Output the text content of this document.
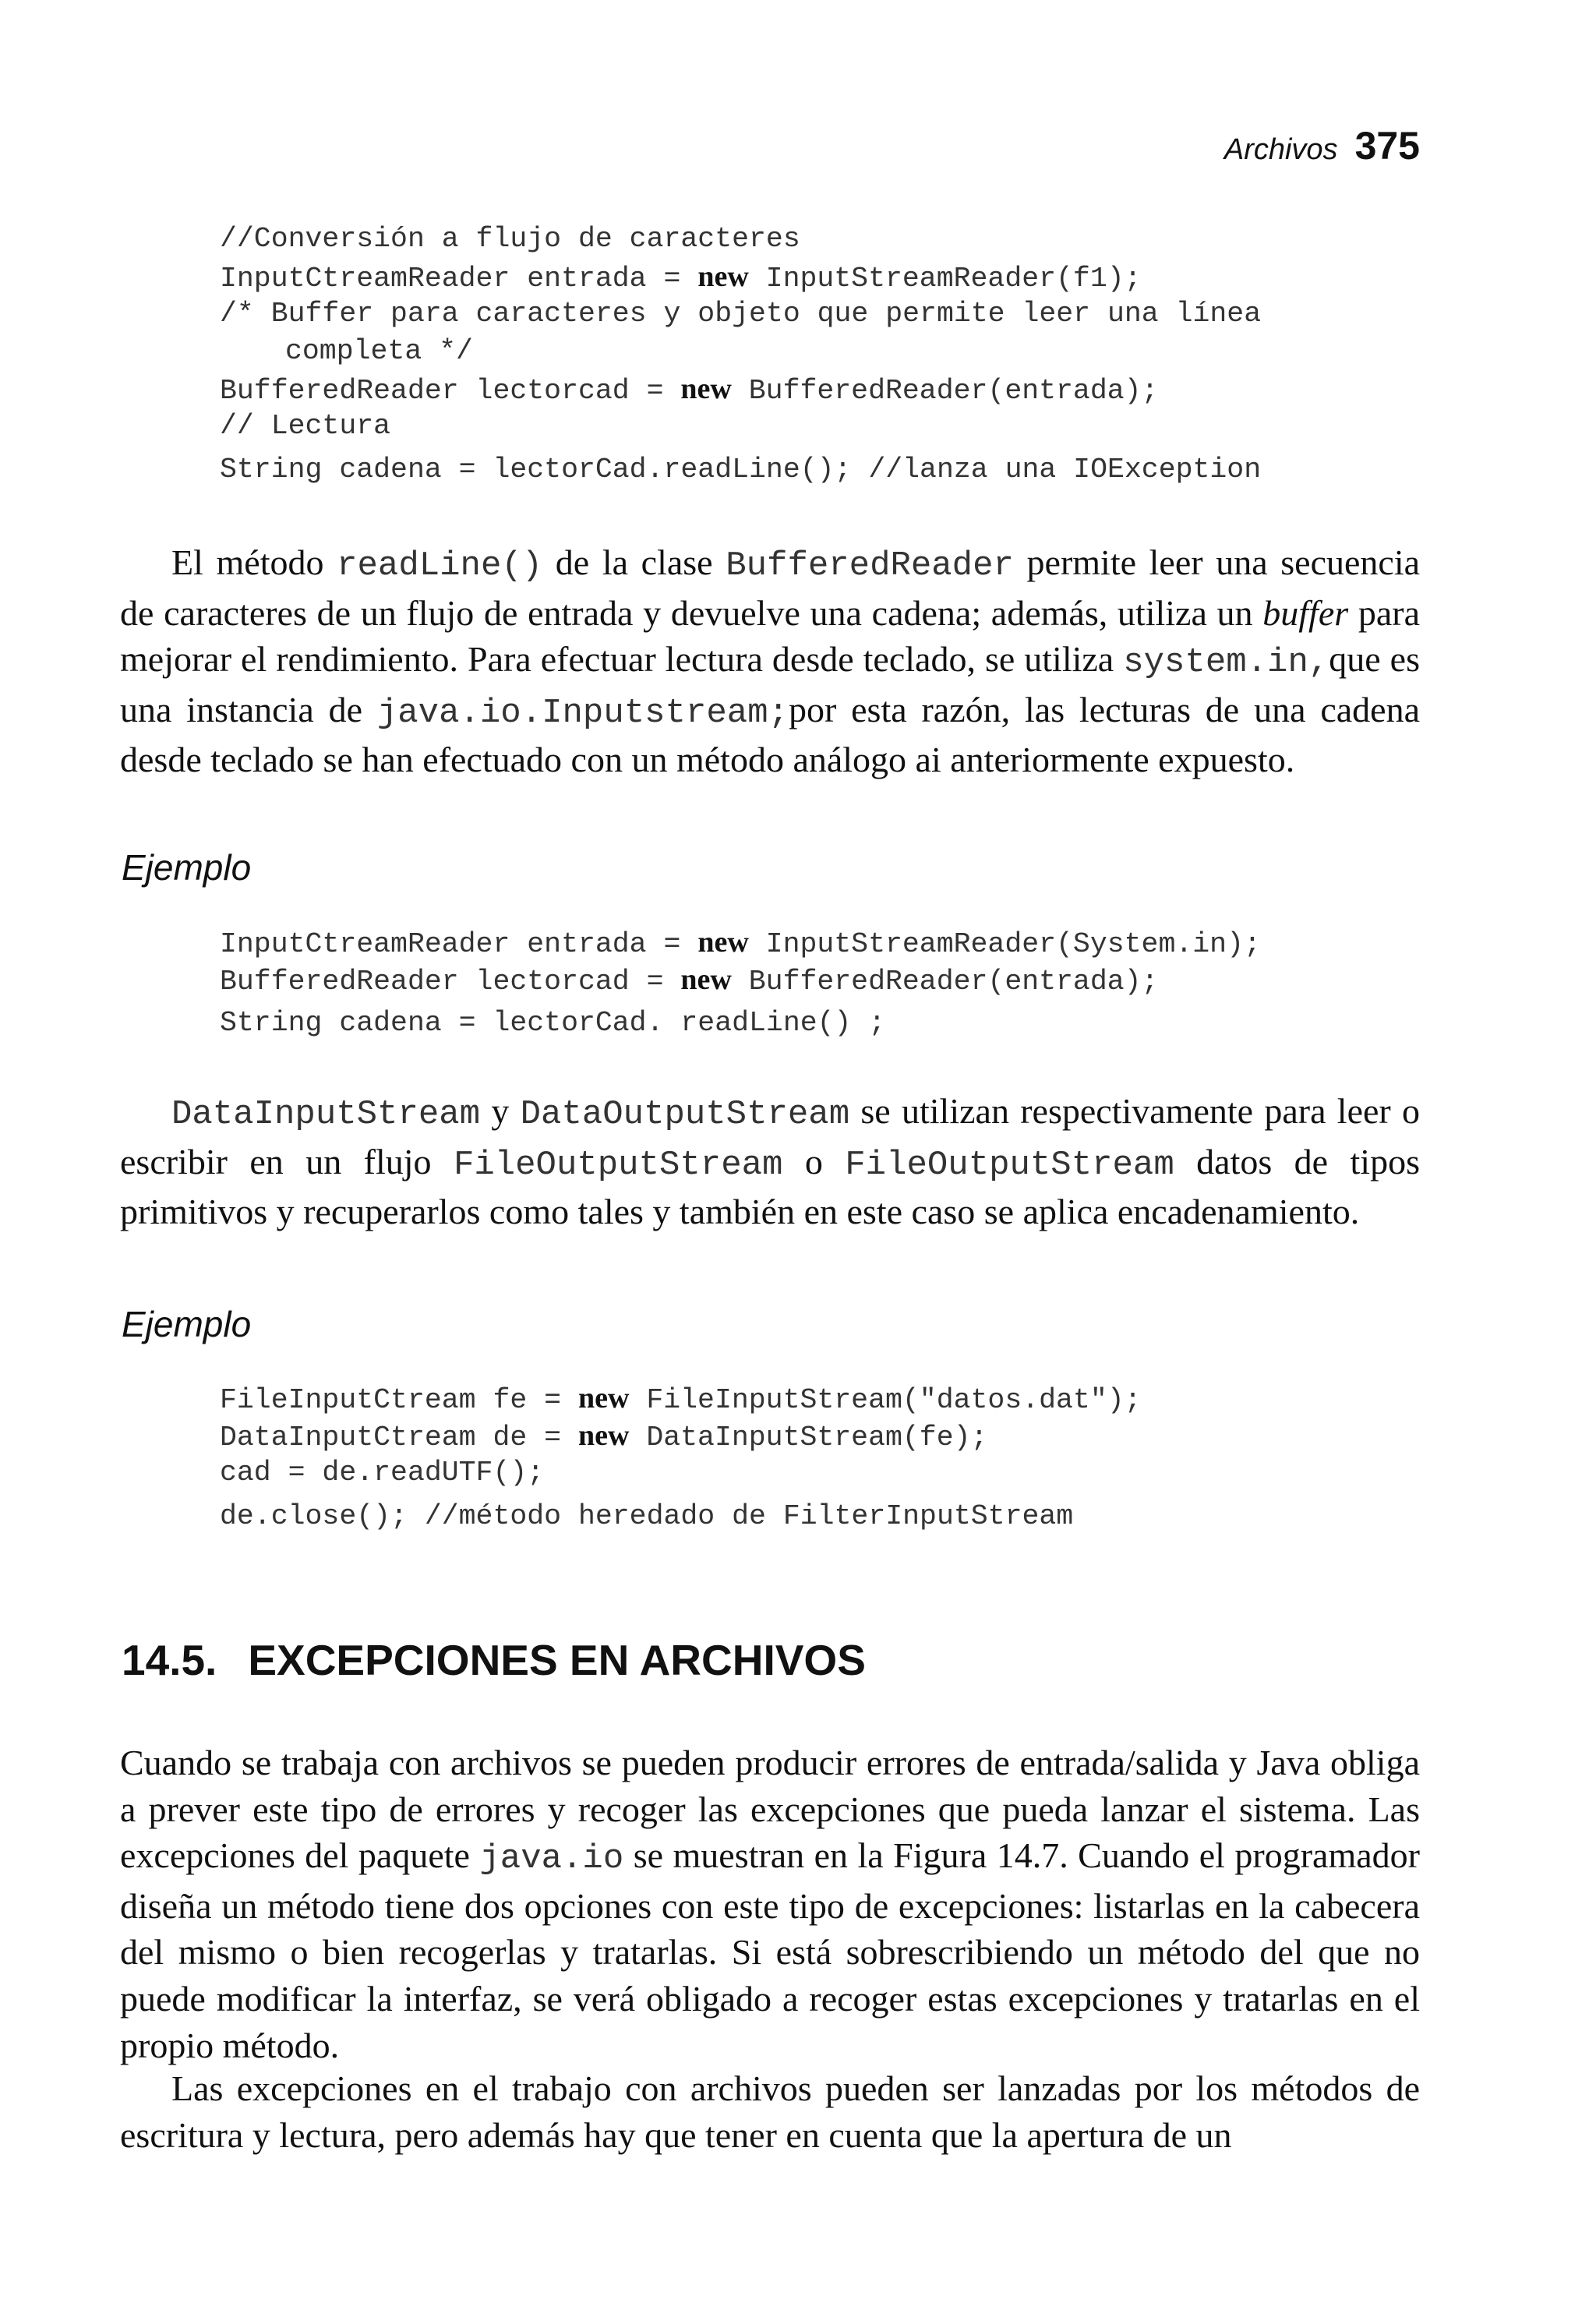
Archivos 375
//Conversión a flujo de caracteres
InputCtreamReader entrada = new InputStreamReader(f1);
/* Buffer para caracteres y objeto que permite leer una línea
completa */
BufferedReader lectorcad = new BufferedReader(entrada);
// Lectura
String cadena = lectorCad.readLine(); //lanza una IOException

El método readLine() de la clase BufferedReader permite leer una secuencia de caracteres de un flujo de entrada y devuelve una cadena; además, utiliza un buffer para mejorar el rendimiento. Para efectuar lectura desde teclado, se utiliza system.in,que es una instancia de java.io.Inputstream;por esta razón, las lecturas de una cadena desde teclado se han efectuado con un método análogo ai anteriormente expuesto.

Ejemplo
InputCtreamReader entrada = new InputStreamReader(System.in);
BufferedReader lectorcad = new BufferedReader(entrada);
String cadena = lectorCad. readLine() ;

DataInputStream y DataOutputStream se utilizan respectivamente para leer o escribir en un flujo FileOutputStream o FileOutputStream datos de tipos primitivos y recuperarlos como tales y también en este caso se aplica encadenamiento.

Ejemplo
FileInputCtream fe = new FileInputStream("datos.dat");
DataInputCtream de = new DataInputStream(fe);
cad = de.readUTF();
de.close(); //método heredado de FilterInputStream
14.5. EXCEPCIONES EN ARCHIVOS

Cuando se trabaja con archivos se pueden producir errores de entrada/salida y Java obliga a prever este tipo de errores y recoger las excepciones que pueda lanzar el sistema. Las excepciones del paquete java.io se muestran en la Figura 14.7. Cuando el programador diseña un método tiene dos opciones con este tipo de excepciones: listarlas en la cabecera del mismo o bien recogerlas y tratarlas. Si está sobrescribiendo un método del que no puede modificar la interfaz, se verá obligado a recoger estas excepciones y tratarlas en el propio método.

Las excepciones en el trabajo con archivos pueden ser lanzadas por los métodos de escritura y lectura, pero además hay que tener en cuenta que la apertura de un
